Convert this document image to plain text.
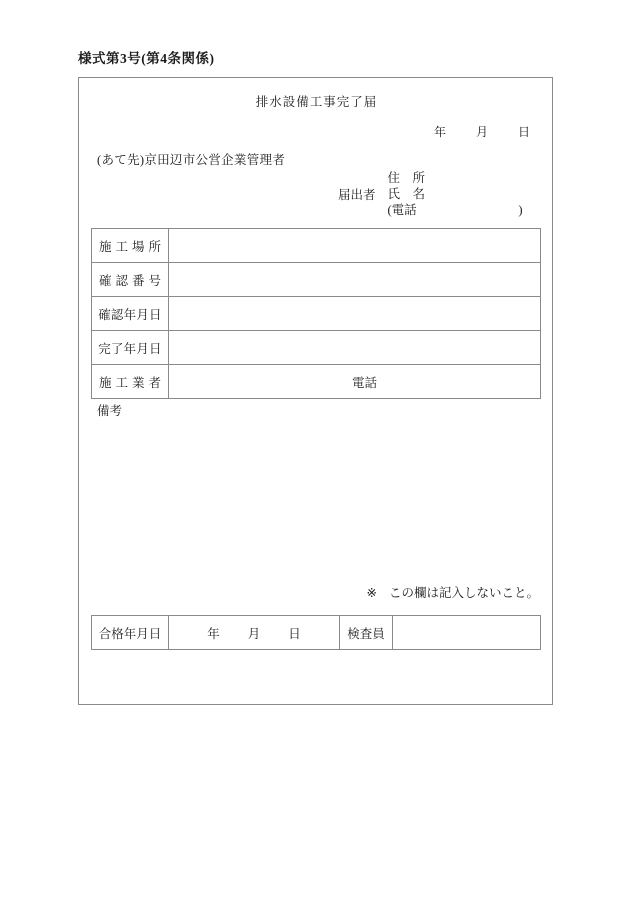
様式第3号(第4条関係)
排水設備工事完了届
年	月	日
(あて先)京田辺市公営企業管理者
届出者
住　所
氏　名
(電話	)
施工場所	
確認番号	
確認年月日	
完了年月日	
施工業者	電話
備考
※ この欄は記入しないこと。
合格年月日	年 月 日	検査員	
